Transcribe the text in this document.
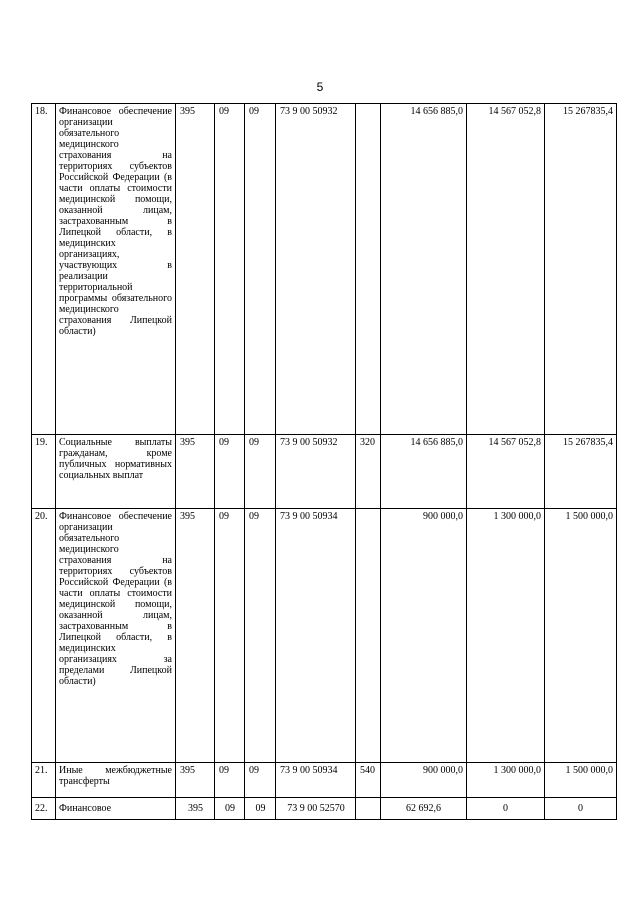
5
18.	Финансовое обеспечение организации обязательного медицинского страхования на территориях субъектов Российской Федерации (в части оплаты стоимости медицинской помощи, оказанной лицам, застрахованным в Липецкой области, в медицинских организациях, участвующих в реализации территориальной программы обязательного медицинского страхования Липецкой области)	395	09	09	73 9 00 50932		14 656 885,0	14 567 052,8	15 267835,4
19.	Социальные выплаты гражданам, кроме публичных нормативных социальных выплат	395	09	09	73 9 00 50932	320	14 656 885,0	14 567 052,8	15 267835,4
20.	Финансовое обеспечение организации обязательного медицинского страхования на территориях субъектов Российской Федерации (в части оплаты стоимости медицинской помощи, оказанной лицам, застрахованным в Липецкой области, в медицинских организациях за пределами Липецкой области)	395	09	09	73 9 00 50934		900 000,0	1 300 000,0	1 500 000,0
21.	Иные межбюджетные трансферты	395	09	09	73 9 00 50934	540	900 000,0	1 300 000,0	1 500 000,0
22.	Финансовое	395	09	09	73 9 00 52570		62 692,6	0	0
